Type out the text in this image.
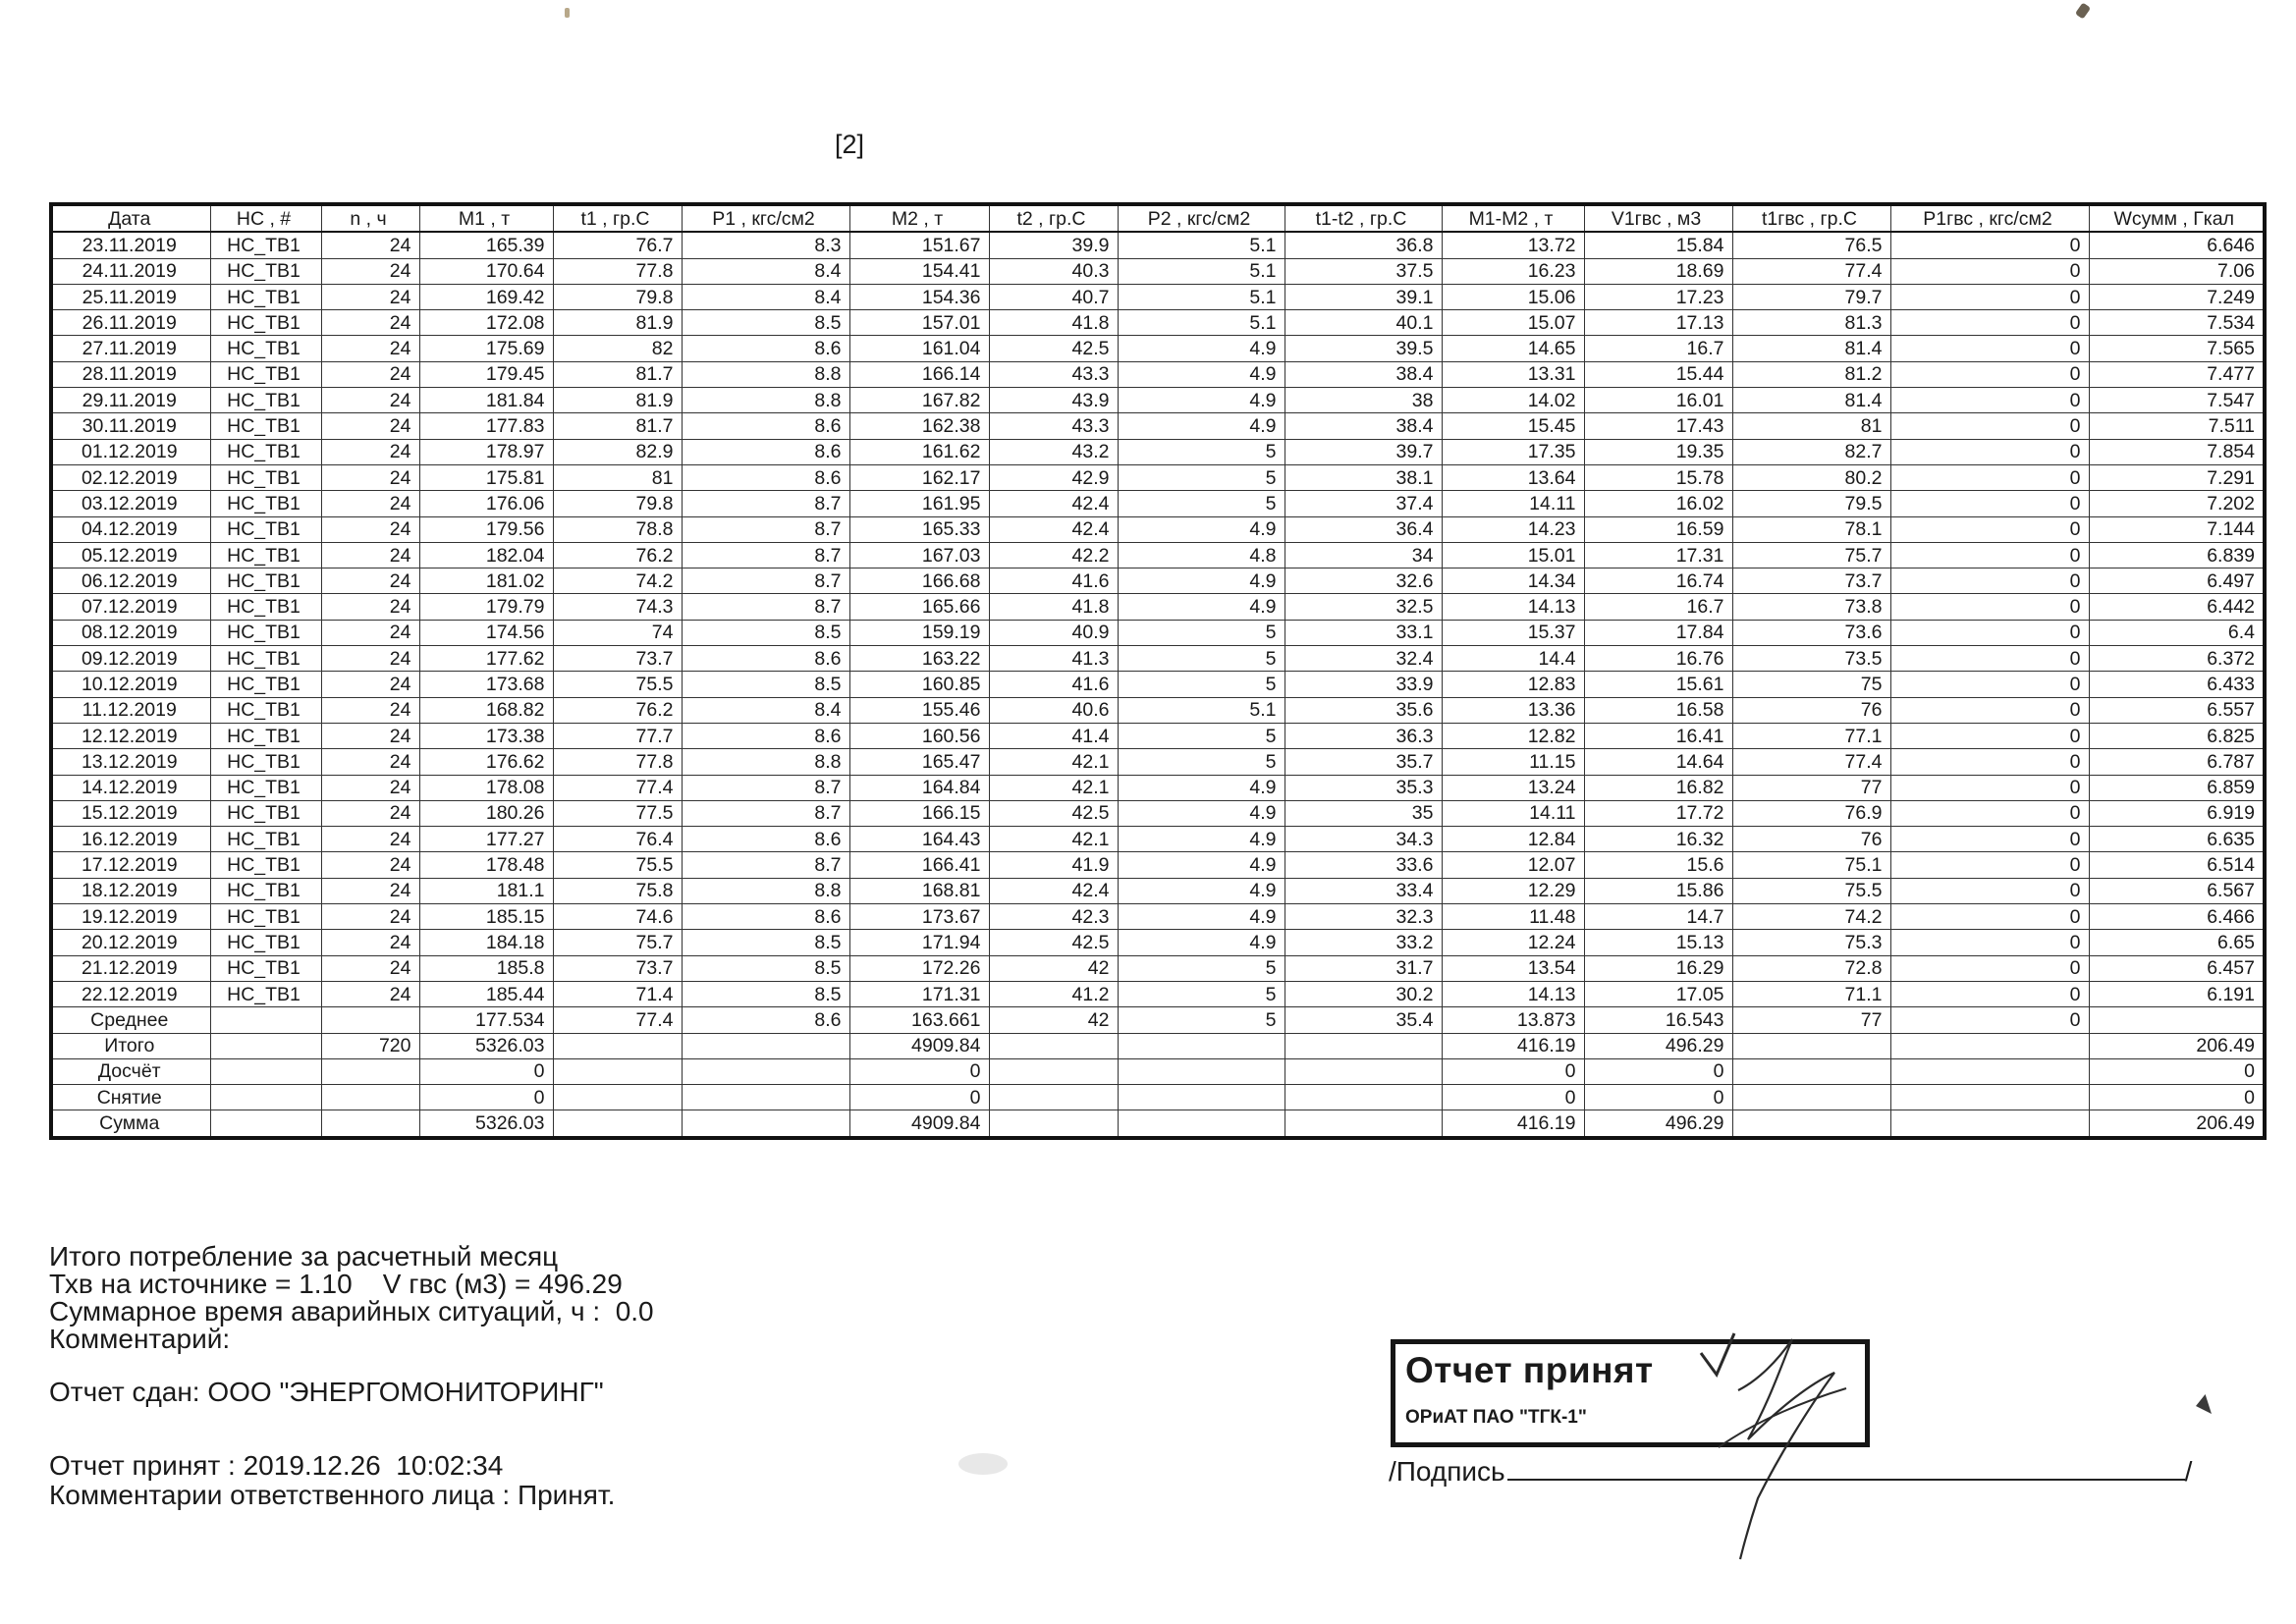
[2]
Дата	НС , #	n , ч	M1 , т	t1 , гр.С	P1 , кгс/см2	M2 , т	t2 , гр.С	P2 , кгс/см2	t1-t2 , гр.С	M1-M2 , т	V1гвс , м3	t1гвс , гр.С	P1гвс , кгс/см2	Wсумм , Гкал
23.11.2019	НС_ТВ1	24	165.39	76.7	8.3	151.67	39.9	5.1	36.8	13.72	15.84	76.5	0	6.646
24.11.2019	НС_ТВ1	24	170.64	77.8	8.4	154.41	40.3	5.1	37.5	16.23	18.69	77.4	0	7.06
25.11.2019	НС_ТВ1	24	169.42	79.8	8.4	154.36	40.7	5.1	39.1	15.06	17.23	79.7	0	7.249
26.11.2019	НС_ТВ1	24	172.08	81.9	8.5	157.01	41.8	5.1	40.1	15.07	17.13	81.3	0	7.534
27.11.2019	НС_ТВ1	24	175.69	82	8.6	161.04	42.5	4.9	39.5	14.65	16.7	81.4	0	7.565
28.11.2019	НС_ТВ1	24	179.45	81.7	8.8	166.14	43.3	4.9	38.4	13.31	15.44	81.2	0	7.477
29.11.2019	НС_ТВ1	24	181.84	81.9	8.8	167.82	43.9	4.9	38	14.02	16.01	81.4	0	7.547
30.11.2019	НС_ТВ1	24	177.83	81.7	8.6	162.38	43.3	4.9	38.4	15.45	17.43	81	0	7.511
01.12.2019	НС_ТВ1	24	178.97	82.9	8.6	161.62	43.2	5	39.7	17.35	19.35	82.7	0	7.854
02.12.2019	НС_ТВ1	24	175.81	81	8.6	162.17	42.9	5	38.1	13.64	15.78	80.2	0	7.291
03.12.2019	НС_ТВ1	24	176.06	79.8	8.7	161.95	42.4	5	37.4	14.11	16.02	79.5	0	7.202
04.12.2019	НС_ТВ1	24	179.56	78.8	8.7	165.33	42.4	4.9	36.4	14.23	16.59	78.1	0	7.144
05.12.2019	НС_ТВ1	24	182.04	76.2	8.7	167.03	42.2	4.8	34	15.01	17.31	75.7	0	6.839
06.12.2019	НС_ТВ1	24	181.02	74.2	8.7	166.68	41.6	4.9	32.6	14.34	16.74	73.7	0	6.497
07.12.2019	НС_ТВ1	24	179.79	74.3	8.7	165.66	41.8	4.9	32.5	14.13	16.7	73.8	0	6.442
08.12.2019	НС_ТВ1	24	174.56	74	8.5	159.19	40.9	5	33.1	15.37	17.84	73.6	0	6.4
09.12.2019	НС_ТВ1	24	177.62	73.7	8.6	163.22	41.3	5	32.4	14.4	16.76	73.5	0	6.372
10.12.2019	НС_ТВ1	24	173.68	75.5	8.5	160.85	41.6	5	33.9	12.83	15.61	75	0	6.433
11.12.2019	НС_ТВ1	24	168.82	76.2	8.4	155.46	40.6	5.1	35.6	13.36	16.58	76	0	6.557
12.12.2019	НС_ТВ1	24	173.38	77.7	8.6	160.56	41.4	5	36.3	12.82	16.41	77.1	0	6.825
13.12.2019	НС_ТВ1	24	176.62	77.8	8.8	165.47	42.1	5	35.7	11.15	14.64	77.4	0	6.787
14.12.2019	НС_ТВ1	24	178.08	77.4	8.7	164.84	42.1	4.9	35.3	13.24	16.82	77	0	6.859
15.12.2019	НС_ТВ1	24	180.26	77.5	8.7	166.15	42.5	4.9	35	14.11	17.72	76.9	0	6.919
16.12.2019	НС_ТВ1	24	177.27	76.4	8.6	164.43	42.1	4.9	34.3	12.84	16.32	76	0	6.635
17.12.2019	НС_ТВ1	24	178.48	75.5	8.7	166.41	41.9	4.9	33.6	12.07	15.6	75.1	0	6.514
18.12.2019	НС_ТВ1	24	181.1	75.8	8.8	168.81	42.4	4.9	33.4	12.29	15.86	75.5	0	6.567
19.12.2019	НС_ТВ1	24	185.15	74.6	8.6	173.67	42.3	4.9	32.3	11.48	14.7	74.2	0	6.466
20.12.2019	НС_ТВ1	24	184.18	75.7	8.5	171.94	42.5	4.9	33.2	12.24	15.13	75.3	0	6.65
21.12.2019	НС_ТВ1	24	185.8	73.7	8.5	172.26	42	5	31.7	13.54	16.29	72.8	0	6.457
22.12.2019	НС_ТВ1	24	185.44	71.4	8.5	171.31	41.2	5	30.2	14.13	17.05	71.1	0	6.191
Среднее			177.534	77.4	8.6	163.661	42	5	35.4	13.873	16.543	77	0	
Итого		720	5326.03			4909.84				416.19	496.29			206.49
Досчёт			0			0				0	0			0
Снятие			0			0				0	0			0
Сумма			5326.03			4909.84				416.19	496.29			206.49
Итого потребление за расчетный месяц
Тхв на источнике = 1.10    V гвс (м3) = 496.29
Суммарное время аварийных ситуаций, ч :  0.0
Комментарий:
Отчет сдан: ООО "ЭНЕРГОМОНИТОРИНГ"
Отчет принят : 2019.12.26  10:02:34
Комментарии ответственного лица : Принят.
Отчет принят
ОРиАТ ПАО "ТГК-1"
/Подпись	/
